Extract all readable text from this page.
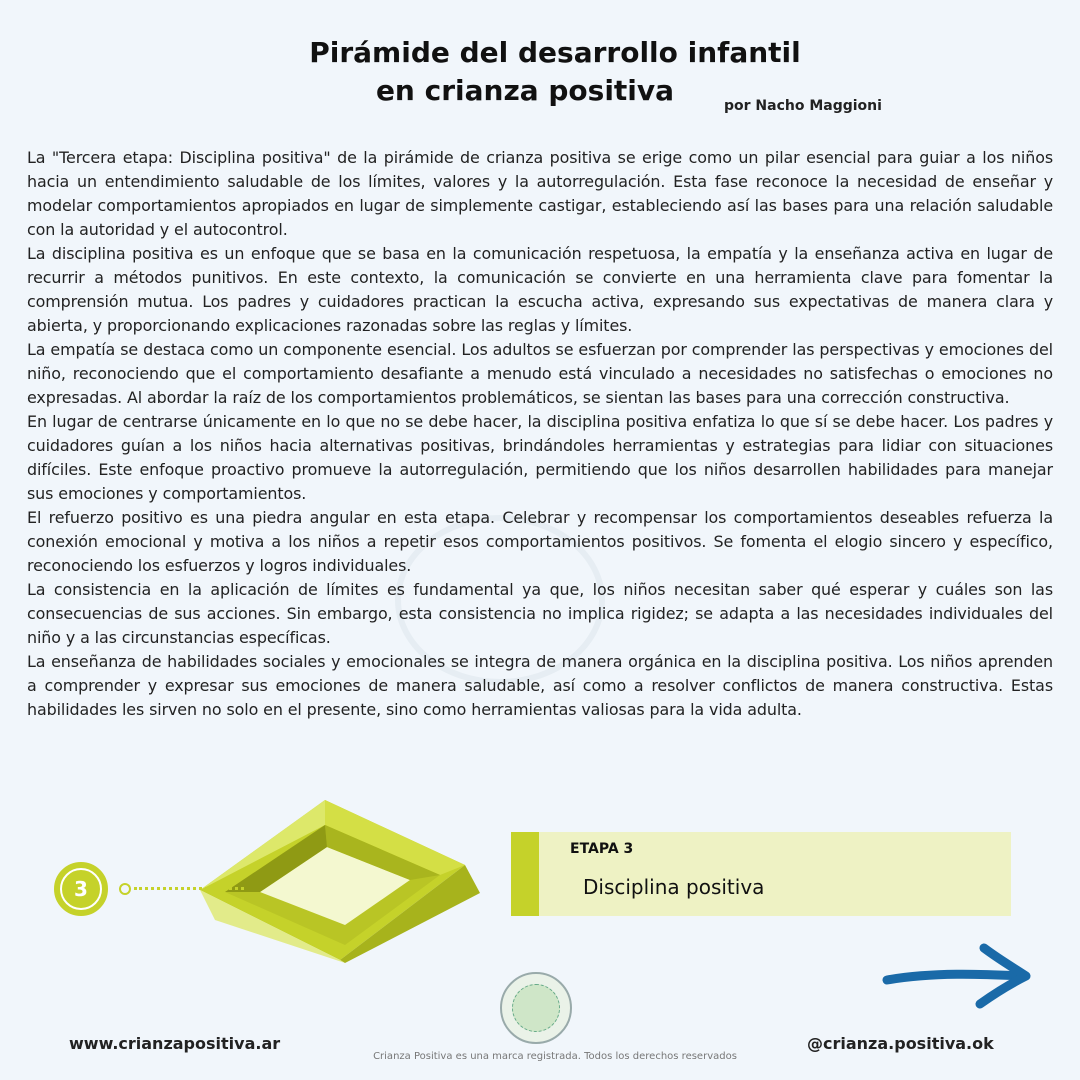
Pirámide del desarrollo infantil

en crianza positiva	por Nacho Maggioni

La "Tercera etapa: Disciplina positiva" de la pirámide de crianza positiva se erige como un pilar esencial para guiar a los niños hacia un entendimiento saludable de los límites, valores y la autorregulación. Esta fase reconoce la necesidad de enseñar y modelar comportamientos apropiados en lugar de simplemente castigar, estableciendo así las bases para una relación saludable con la autoridad y el autocontrol.

La disciplina positiva es un enfoque que se basa en la comunicación respetuosa, la empatía y la enseñanza activa en lugar de recurrir a métodos punitivos. En este contexto, la comunicación se convierte en una herramienta clave para fomentar la comprensión mutua. Los padres y cuidadores practican la escucha activa, expresando sus expectativas de manera clara y abierta, y proporcionando explicaciones razonadas sobre las reglas y límites.

La empatía se destaca como un componente esencial. Los adultos se esfuerzan por comprender las perspectivas y emociones del niño, reconociendo que el comportamiento desafiante a menudo está vinculado a necesidades no satisfechas o emociones no expresadas. Al abordar la raíz de los comportamientos problemáticos, se sientan las bases para una corrección constructiva.

En lugar de centrarse únicamente en lo que no se debe hacer, la disciplina positiva enfatiza lo que sí se debe hacer. Los padres y cuidadores guían a los niños hacia alternativas positivas, brindándoles herramientas y estrategias para lidiar con situaciones difíciles. Este enfoque proactivo promueve la autorregulación, permitiendo que los niños desarrollen habilidades para manejar sus emociones y comportamientos.

El refuerzo positivo es una piedra angular en esta etapa. Celebrar y recompensar los comportamientos deseables refuerza la conexión emocional y motiva a los niños a repetir esos comportamientos positivos. Se fomenta el elogio sincero y específico, reconociendo los esfuerzos y logros individuales.

La consistencia en la aplicación de límites es fundamental ya que, los niños necesitan saber qué esperar y cuáles son las consecuencias de sus acciones. Sin embargo, esta consistencia no implica rigidez; se adapta a las necesidades individuales del niño y a las circunstancias específicas.

La enseñanza de habilidades sociales y emocionales se integra de manera orgánica en la disciplina positiva. Los niños aprenden a comprender y expresar sus emociones de manera saludable, así como a resolver conflictos de manera constructiva. Estas habilidades les sirven no solo en el presente, sino como herramientas valiosas para la vida adulta.

3
ETAPA 3
Disciplina positiva
www.crianzapositiva.ar	@crianza.positiva.ok
Crianza Positiva es una marca registrada. Todos los derechos reservados
